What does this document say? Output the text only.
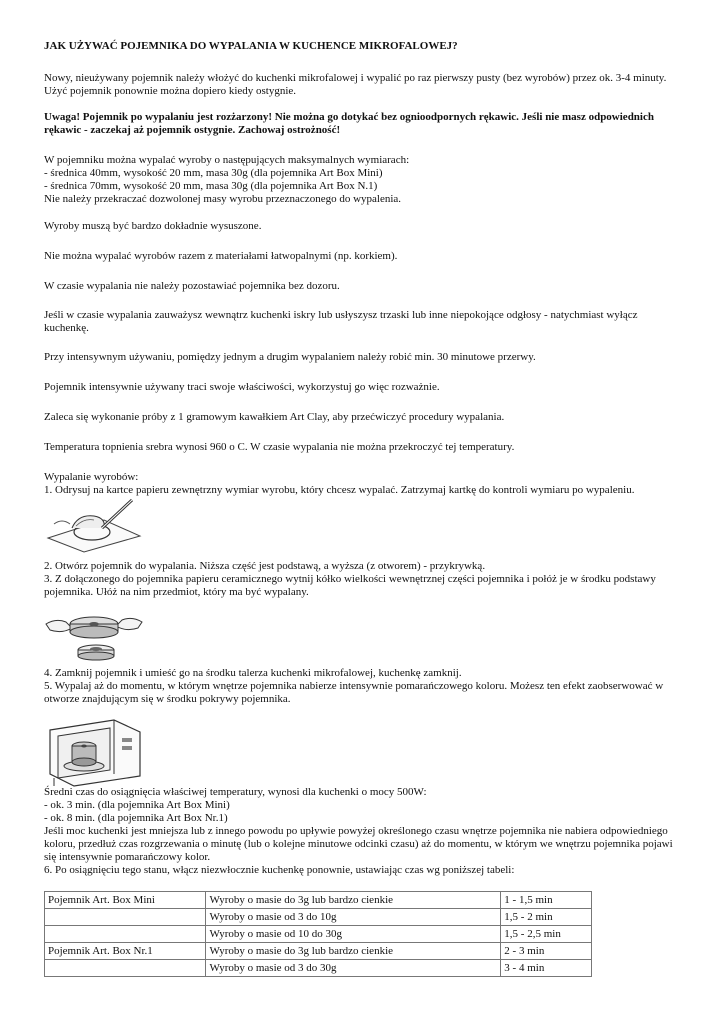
JAK UŻYWAĆ POJEMNIKA DO WYPALANIA W KUCHENCE MIKROFALOWEJ?

Nowy, nieużywany pojemnik należy włożyć do kuchenki mikrofalowej i wypalić po raz pierwszy pusty (bez wyrobów) przez ok. 3-4 minuty.
Użyć pojemnik ponownie można dopiero kiedy ostygnie.

Uwaga! Pojemnik po wypalaniu jest rozżarzony! Nie można go dotykać bez ognioodpornych rękawic. Jeśli nie masz odpowiednich
rękawic - zaczekaj aż pojemnik ostygnie. Zachowaj ostrożność!

W pojemniku można wypalać wyroby o następujących maksymalnych wymiarach:
- średnica 40mm, wysokość 20 mm, masa 30g (dla pojemnika Art Box Mini)
- średnica 70mm, wysokość 20 mm, masa 30g (dla pojemnika Art Box N.1)
Nie należy przekraczać dozwolonej masy wyrobu przeznaczonego do wypalenia.

Wyroby muszą być bardzo dokładnie wysuszone.

Nie można wypalać wyrobów razem z materiałami łatwopalnymi (np. korkiem).

W czasie wypalania nie należy pozostawiać pojemnika bez dozoru.

Jeśli w czasie wypalania zauważysz wewnątrz kuchenki iskry lub usłyszysz trzaski lub inne niepokojące odgłosy - natychmiast wyłącz
kuchenkę.

Przy intensywnym używaniu, pomiędzy jednym a drugim wypalaniem należy robić min. 30 minutowe przerwy.

Pojemnik intensywnie używany traci swoje właściwości, wykorzystuj go więc rozważnie.

Zaleca się wykonanie próby z 1 gramowym kawałkiem Art Clay, aby przećwiczyć procedury wypalania.

Temperatura topnienia srebra wynosi 960 o C. W czasie wypalania nie można przekroczyć tej temperatury.

Wypalanie wyrobów:
1. Odrysuj na kartce papieru zewnętrzny wymiar wyrobu, który chcesz wypalać. Zatrzymaj kartkę do kontroli wymiaru po wypaleniu.

2. Otwórz pojemnik do wypalania. Niższa część jest podstawą, a wyższa (z otworem) - przykrywką.
3. Z dołączonego do pojemnika papieru ceramicznego wytnij kółko wielkości wewnętrznej części pojemnika i połóż je w środku podstawy
pojemnika. Ułóż na nim przedmiot, który ma być wypalany.

4. Zamknij pojemnik i umieść go na środku talerza kuchenki mikrofalowej, kuchenkę zamknij.
5. Wypalaj aż do momentu, w którym wnętrze pojemnika nabierze intensywnie pomarańczowego koloru. Możesz ten efekt zaobserwować w
otworze znajdującym się w środku pokrywy pojemnika.

Średni czas do osiągnięcia właściwej temperatury, wynosi dla kuchenki o mocy 500W:
- ok. 3 min. (dla pojemnika Art Box Mini)
- ok. 8 min. (dla pojemnika Art Box Nr.1)
Jeśli moc kuchenki jest mniejsza lub z innego powodu po upływie powyżej określonego czasu wnętrze pojemnika nie nabiera odpowiedniego
koloru, przedłuż czas rozgrzewania o minutę (lub o kolejne minutowe odcinki czasu) aż do momentu, w którym we wnętrzu pojemnika pojawi
się intensywnie pomarańczowy kolor.
6. Po osiągnięciu tego stanu, włącz niezwłocznie kuchenkę ponownie, ustawiając czas wg poniższej tabeli:

Pojemnik Art. Box Mini	Wyroby o masie do 3g lub bardzo cienkie	1 - 1,5 min
	Wyroby o masie od 3 do 10g	1,5 - 2 min
	Wyroby o masie od 10 do 30g	1,5 - 2,5 min
Pojemnik Art. Box Nr.1	Wyroby o masie do 3g lub bardzo cienkie	2 - 3 min
	Wyroby o masie od 3 do 30g	3 - 4 min
